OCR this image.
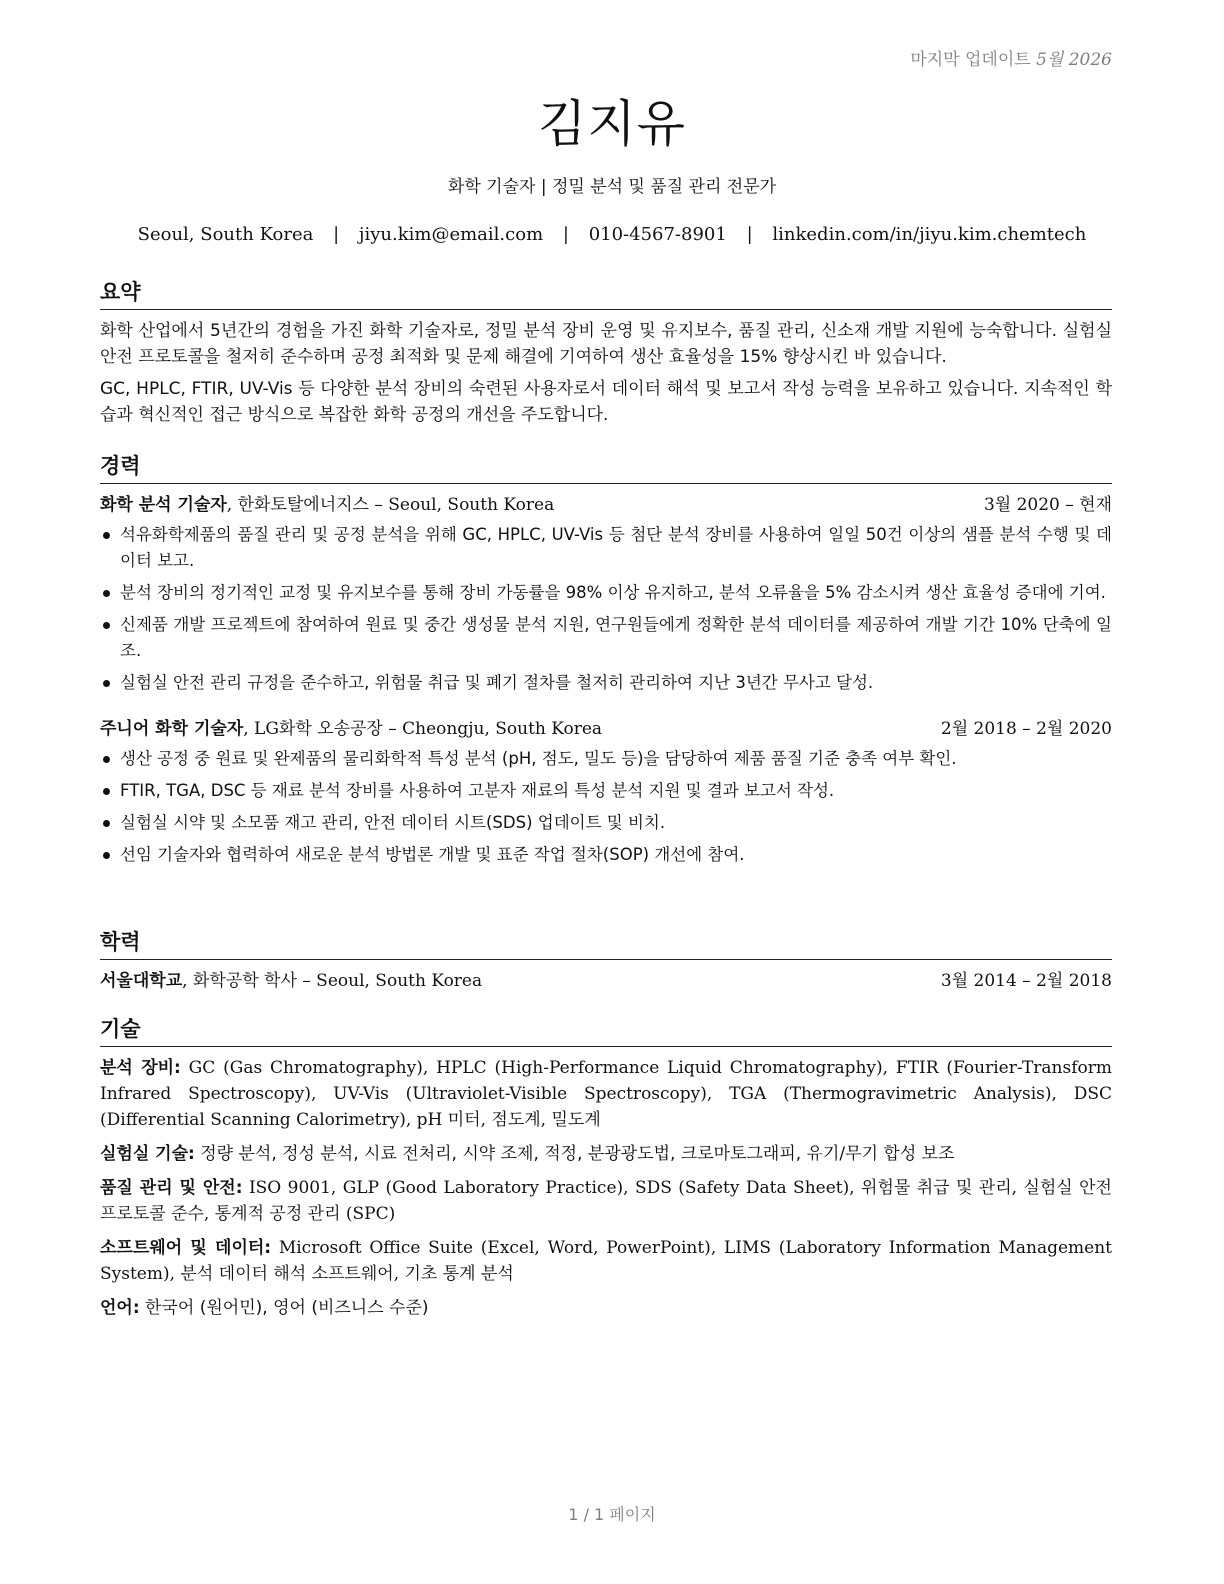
마지막 업데이트 5월 2026
김지유
화학 기술자 | 정밀 분석 및 품질 관리 전문가
Seoul, South Korea | jiyu.kim@email.com | 010-4567-8901 | linkedin.com/in/jiyu.kim.chemtech
요약

화학 산업에서 5년간의 경험을 가진 화학 기술자로, 정밀 분석 장비 운영 및 유지보수, 품질 관리, 신소재 개발 지원에 능숙합니다. 실험실 안전 프로토콜을 철저히 준수하며 공정 최적화 및 문제 해결에 기여하여 생산 효율성을 15% 향상시킨 바 있습니다.

GC, HPLC, FTIR, UV-Vis 등 다양한 분석 장비의 숙련된 사용자로서 데이터 해석 및 보고서 작성 능력을 보유하고 있습니다. 지속적인 학습과 혁신적인 접근 방식으로 복잡한 화학 공정의 개선을 주도합니다.

경력
화학 분석 기술자, 한화토탈에너지스 – Seoul, South Korea	3월 2020 – 현재
석유화학제품의 품질 관리 및 공정 분석을 위해 GC, HPLC, UV-Vis 등 첨단 분석 장비를 사용하여 일일 50건 이상의 샘플 분석 수행 및 데이터 보고.
분석 장비의 정기적인 교정 및 유지보수를 통해 장비 가동률을 98% 이상 유지하고, 분석 오류율을 5% 감소시켜 생산 효율성 증대에 기여.
신제품 개발 프로젝트에 참여하여 원료 및 중간 생성물 분석 지원, 연구원들에게 정확한 분석 데이터를 제공하여 개발 기간 10% 단축에 일조.
실험실 안전 관리 규정을 준수하고, 위험물 취급 및 폐기 절차를 철저히 관리하여 지난 3년간 무사고 달성.
주니어 화학 기술자, LG화학 오송공장 – Cheongju, South Korea	2월 2018 – 2월 2020
생산 공정 중 원료 및 완제품의 물리화학적 특성 분석 (pH, 점도, 밀도 등)을 담당하여 제품 품질 기준 충족 여부 확인.
FTIR, TGA, DSC 등 재료 분석 장비를 사용하여 고분자 재료의 특성 분석 지원 및 결과 보고서 작성.
실험실 시약 및 소모품 재고 관리, 안전 데이터 시트(SDS) 업데이트 및 비치.
선임 기술자와 협력하여 새로운 분석 방법론 개발 및 표준 작업 절차(SOP) 개선에 참여.
학력
서울대학교, 화학공학 학사 – Seoul, South Korea	3월 2014 – 2월 2018
기술
분석 장비: GC (Gas Chromatography), HPLC (High-Performance Liquid Chromatography), FTIR (Fourier-Transform Infrared Spectroscopy), UV-Vis (Ultraviolet-Visible Spectroscopy), TGA (Thermogravimetric Analysis), DSC (Differential Scanning Calorimetry), pH 미터, 점도계, 밀도계
실험실 기술: 정량 분석, 정성 분석, 시료 전처리, 시약 조제, 적정, 분광광도법, 크로마토그래피, 유기/무기 합성 보조
품질 관리 및 안전: ISO 9001, GLP (Good Laboratory Practice), SDS (Safety Data Sheet), 위험물 취급 및 관리, 실험실 안전 프로토콜 준수, 통계적 공정 관리 (SPC)
소프트웨어 및 데이터: Microsoft Office Suite (Excel, Word, PowerPoint), LIMS (Laboratory Information Management System), 분석 데이터 해석 소프트웨어, 기초 통계 분석
언어: 한국어 (원어민), 영어 (비즈니스 수준)
1 / 1 페이지
